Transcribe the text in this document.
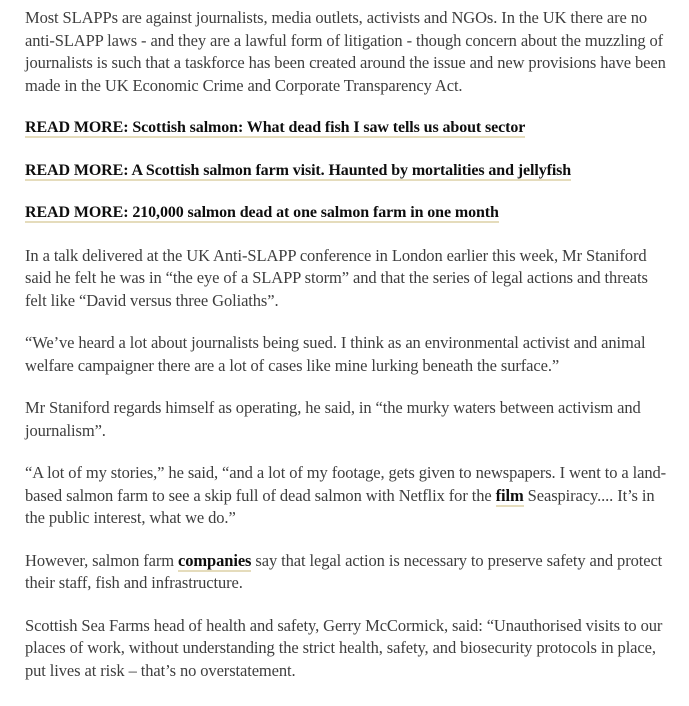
Most SLAPPs are against journalists, media outlets, activists and NGOs. In the UK there are no anti-SLAPP laws - and they are a lawful form of litigation - though concern about the muzzling of journalists is such that a taskforce has been created around the issue and new provisions have been made in the UK Economic Crime and Corporate Transparency Act.

READ MORE: Scottish salmon: What dead fish I saw tells us about sector

READ MORE: A Scottish salmon farm visit. Haunted by mortalities and jellyfish

READ MORE: 210,000 salmon dead at one salmon farm in one month

In a talk delivered at the UK Anti-SLAPP conference in London earlier this week, Mr Staniford said he felt he was in “the eye of a SLAPP storm” and that the series of legal actions and threats felt like “David versus three Goliaths”.

“We’ve heard a lot about journalists being sued. I think as an environmental activist and animal welfare campaigner there are a lot of cases like mine lurking beneath the surface.”

Mr Staniford regards himself as operating, he said, in “the murky waters between activism and journalism”.

“A lot of my stories,” he said, “and a lot of my footage, gets given to newspapers. I went to a land-based salmon farm to see a skip full of dead salmon with Netflix for the film Seaspiracy.... It’s in the public interest, what we do.”

However, salmon farm companies say that legal action is necessary to preserve safety and protect their staff, fish and infrastructure.

Scottish Sea Farms head of health and safety, Gerry McCormick, said: “Unauthorised visits to our places of work, without understanding the strict health, safety, and biosecurity protocols in place, put lives at risk – that’s no overstatement.
